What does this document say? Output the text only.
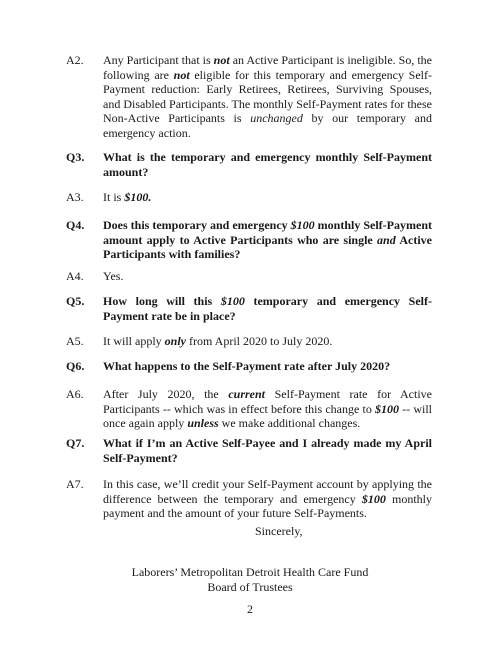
A2.	Any Participant that is not an Active Participant is ineligible. So, the following are not eligible for this temporary and emergency Self-Payment reduction: Early Retirees, Retirees, Surviving Spouses, and Disabled Participants. The monthly Self-Payment rates for these Non-Active Participants is unchanged by our temporary and emergency action.
Q3.	What is the temporary and emergency monthly Self-Payment amount?
A3.	It is $100.
Q4.	Does this temporary and emergency $100 monthly Self-Payment amount apply to Active Participants who are single and Active Participants with families?
A4.	Yes.
Q5.	How long will this $100 temporary and emergency Self-Payment rate be in place?
A5.	It will apply only from April 2020 to July 2020.
Q6.	What happens to the Self-Payment rate after July 2020?
A6.	After July 2020, the current Self-Payment rate for Active Participants -- which was in effect before this change to $100 -- will once again apply unless we make additional changes.
Q7.	What if I’m an Active Self-Payee and I already made my April Self-Payment?
A7.	In this case, we’ll credit your Self-Payment account by applying the difference between the temporary and emergency $100 monthly payment and the amount of your future Self-Payments.
Sincerely,
Laborers’ Metropolitan Detroit Health Care Fund
Board of Trustees
2
